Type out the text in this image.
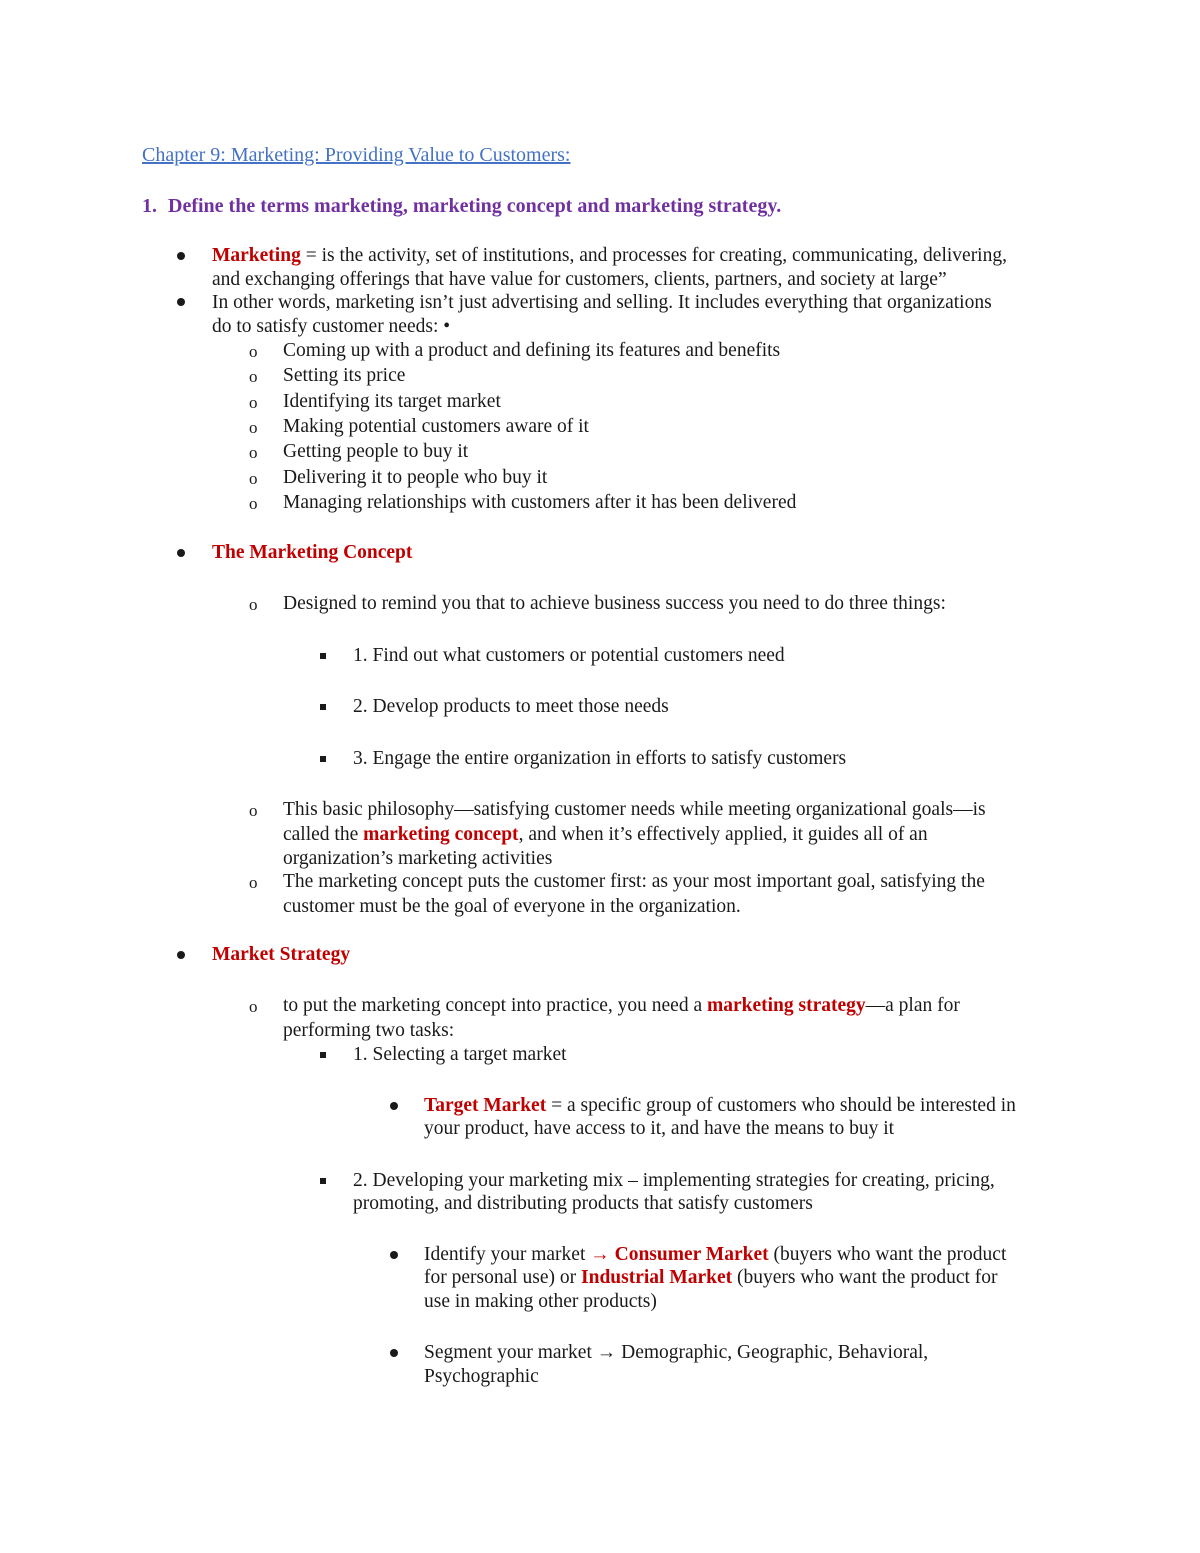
Chapter 9: Marketing: Providing Value to Customers:
1. Define the terms marketing, marketing concept and marketing strategy.
Marketing = is the activity, set of institutions, and processes for creating, communicating, delivering,
and exchanging offerings that have value for customers, clients, partners, and society at large”
In other words, marketing isn’t just advertising and selling. It includes everything that organizations
do to satisfy customer needs: •
o Coming up with a product and defining its features and benefits
o Setting its price
o Identifying its target market
o Making potential customers aware of it
o Getting people to buy it
o Delivering it to people who buy it
o Managing relationships with customers after it has been delivered
The Marketing Concept
o Designed to remind you that to achieve business success you need to do three things:
1. Find out what customers or potential customers need
2. Develop products to meet those needs
3. Engage the entire organization in efforts to satisfy customers
o This basic philosophy—satisfying customer needs while meeting organizational goals—is
called the marketing concept, and when it’s effectively applied, it guides all of an
organization’s marketing activities
o The marketing concept puts the customer first: as your most important goal, satisfying the
customer must be the goal of everyone in the organization.
Market Strategy
o to put the marketing concept into practice, you need a marketing strategy—a plan for
performing two tasks:
1. Selecting a target market
Target Market = a specific group of customers who should be interested in
your product, have access to it, and have the means to buy it
2. Developing your marketing mix – implementing strategies for creating, pricing,
promoting, and distributing products that satisfy customers
Identify your market → Consumer Market (buyers who want the product
for personal use) or Industrial Market (buyers who want the product for
use in making other products)
Segment your market → Demographic, Geographic, Behavioral,
Psychographic
